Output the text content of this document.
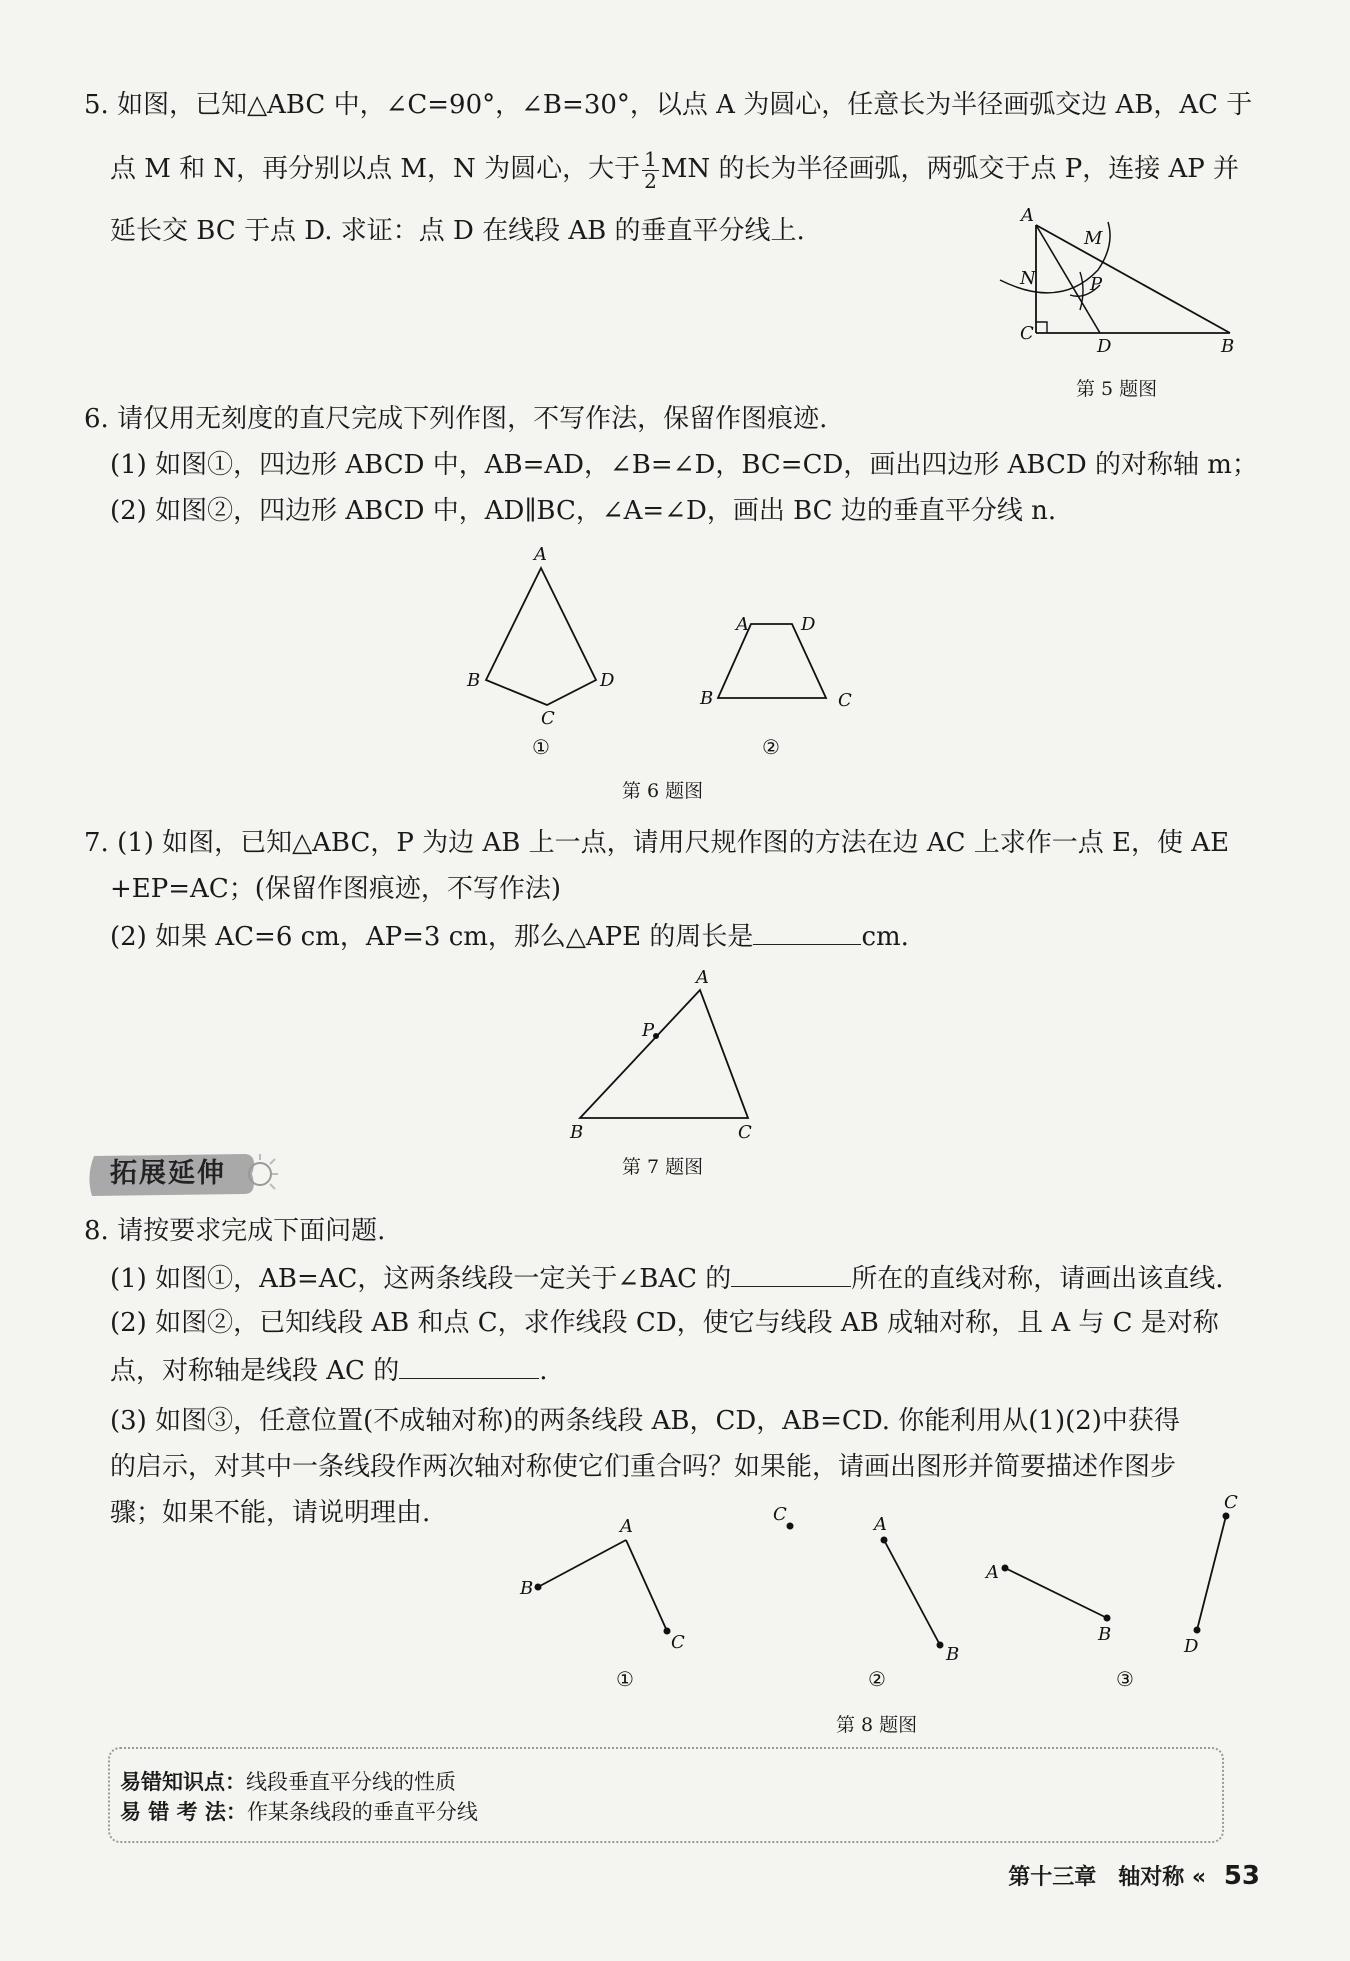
5. 如图，已知△ABC 中，∠C=90°，∠B=30°，以点 A 为圆心，任意长为半径画弧交边 AB，AC 于
点 M 和 N，再分别以点 M，N 为圆心，大于 $\frac{1}{2}$ MN 的长为半径画弧，两弧交于点 P，连接 AP 并
延长交 BC 于点 D. 求证：点 D 在线段 AB 的垂直平分线上.
A
M
N	P
C
D	B
第 5 题图
6. 请仅用无刻度的直尺完成下列作图，不写作法，保留作图痕迹.
(1) 如图①，四边形 ABCD 中，AB=AD，∠B=∠D，BC=CD，画出四边形 ABCD 的对称轴 m；
(2) 如图②，四边形 ABCD 中，AD∥BC，∠A=∠D，画出 BC 边的垂直平分线 n.
A
B
C
D
①
A	D
B	C
②
第 6 题图
7. (1) 如图，已知△ABC，P 为边 AB 上一点，请用尺规作图的方法在边 AC 上求作一点 E，使 AE
+EP=AC；(保留作图痕迹，不写作法)
(2) 如果 AC=6 cm，AP=3 cm，那么△APE 的周长是	cm.
A
P
B	C
第 7 题图
拓展延伸
8. 请按要求完成下面问题.
(1) 如图①，AB=AC，这两条线段一定关于∠BAC 的	所在的直线对称，请画出该直线.
(2) 如图②，已知线段 AB 和点 C，求作线段 CD，使它与线段 AB 成轴对称，且 A 与 C 是对称
点，对称轴是线段 AC 的	.
(3) 如图③，任意位置(不成轴对称)的两条线段 AB，CD，AB=CD. 你能利用从(1)(2)中获得
的启示，对其中一条线段作两次轴对称使它们重合吗？如果能，请画出图形并简要描述作图步
骤；如果不能，请说明理由.	A
B
C
①
C	A
B
②
A
B
C
D
③
第 8 题图
易错知识点：线段垂直平分线的性质
易 错 考 法：作某条线段的垂直平分线
第十三章　轴对称 « 53
